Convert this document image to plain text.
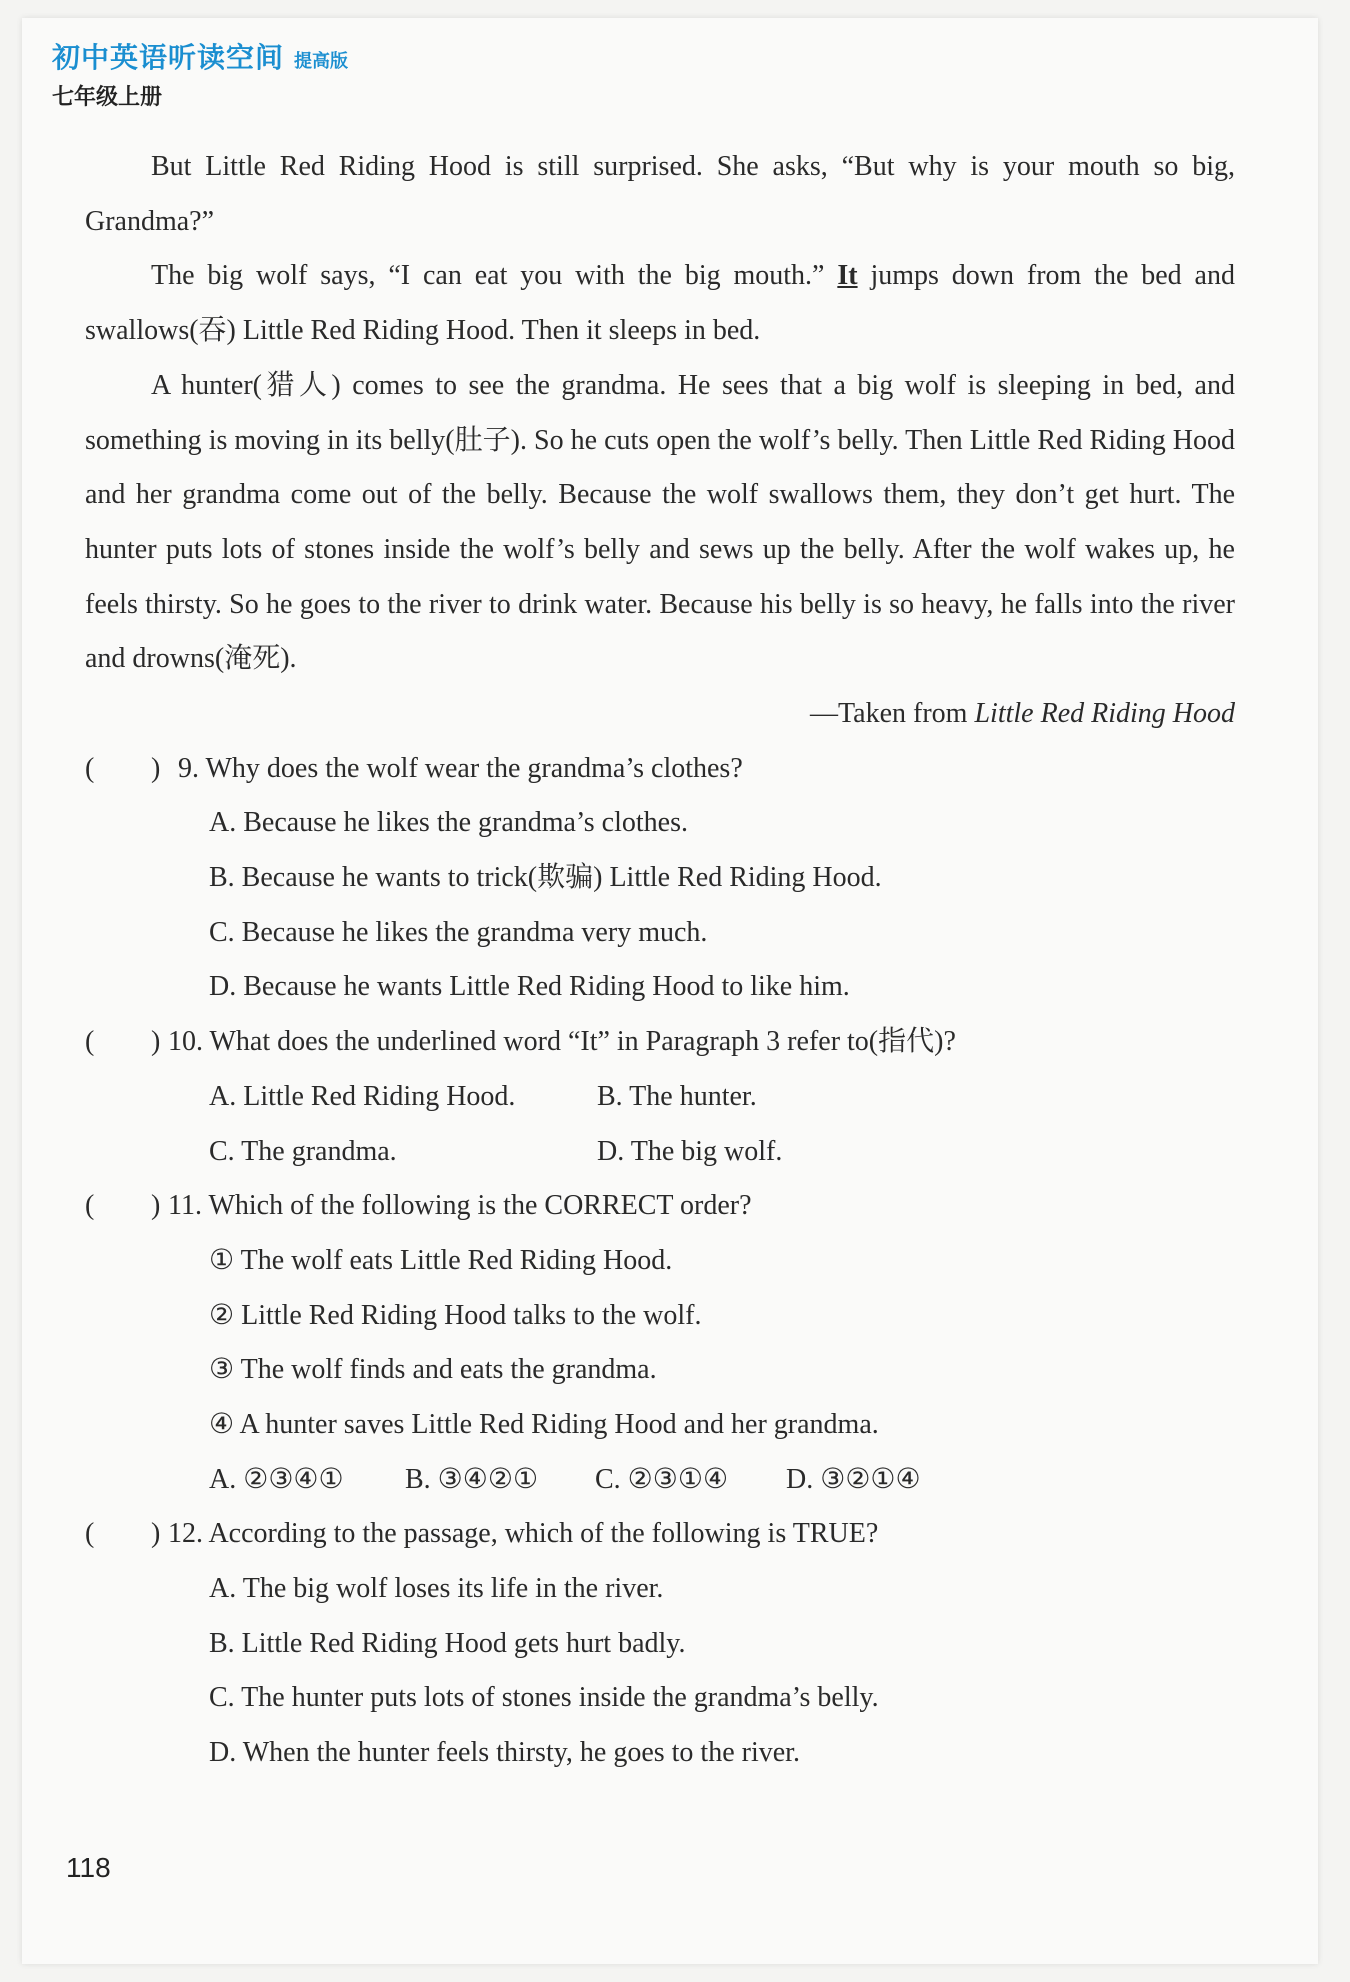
初中英语听读空间 提高版
七年级上册

But Little Red Riding Hood is still surprised. She asks, “But why is your mouth so big, Grandma?”

The big wolf says, “I can eat you with the big mouth.” It jumps down from the bed and swallows(吞) Little Red Riding Hood. Then it sleeps in bed.

A hunter(猎人) comes to see the grandma. He sees that a big wolf is sleeping in bed, and something is moving in its belly(肚子). So he cuts open the wolf’s belly. Then Little Red Riding Hood and her grandma come out of the belly. Because the wolf swallows them, they don’t get hurt. The hunter puts lots of stones inside the wolf’s belly and sews up the belly. After the wolf wakes up, he feels thirsty. So he goes to the river to drink water. Because his belly is so heavy, he falls into the river and drowns(淹死).

—Taken from Little Red Riding Hood

( ) 9. Why does the wolf wear the grandma’s clothes?
A. Because he likes the grandma’s clothes.
B. Because he wants to trick(欺骗) Little Red Riding Hood.
C. Because he likes the grandma very much.
D. Because he wants Little Red Riding Hood to like him.
( ) 10. What does the underlined word “It” in Paragraph 3 refer to(指代)?
A. Little Red Riding Hood.	B. The hunter.
C. The grandma.	D. The big wolf.
( ) 11. Which of the following is the CORRECT order?
① The wolf eats Little Red Riding Hood.
② Little Red Riding Hood talks to the wolf.
③ The wolf finds and eats the grandma.
④ A hunter saves Little Red Riding Hood and her grandma.
A. ②③④① B. ③④②① C. ②③①④ D. ③②①④
( ) 12. According to the passage, which of the following is TRUE?
A. The big wolf loses its life in the river.
B. Little Red Riding Hood gets hurt badly.
C. The hunter puts lots of stones inside the grandma’s belly.
D. When the hunter feels thirsty, he goes to the river.
118
